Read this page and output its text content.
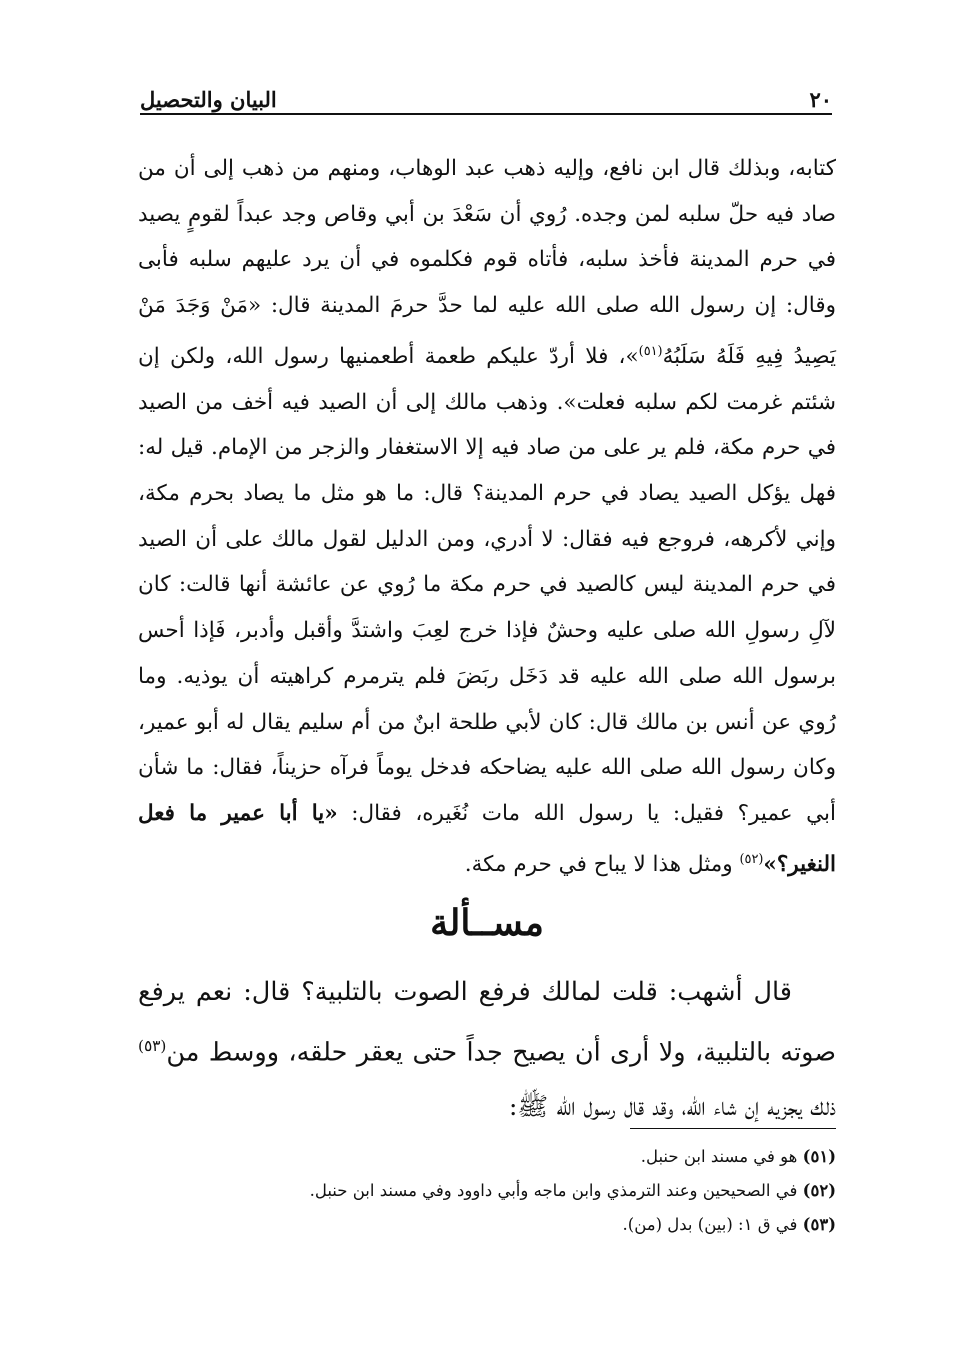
٢٠
البيان والتحصيل

كتابه، وبذلك قال ابن نافع، وإليه ذهب عبد الوهاب، ومنهم من ذهب إلى أن من صاد فيه حلّ سلبه لمن وجده. رُوي أن سَعْدَ بن أبي وقاص وجد عبداً لقومٍ يصيد في حرم المدينة فأخذ سلبه، فأتاه قوم فكلموه في أن يرد عليهم سلبه فأبى وقال: إن رسول الله صلى الله عليه لما حدَّ حرمَ المدينة قال: «مَنْ وَجَدَ مَنْ يَصِيدُ فِيهِ فَلَهُ سَلَبُهُ$^{(٥١)}$»، فلا أردّ عليكم طعمة أطعمنيها رسول الله، ولكن إن شئتم غرمت لكم سلبه فعلت». وذهب مالك إلى أن الصيد فيه أخف من الصيد في حرم مكة، فلم ير على من صاد فيه إلا الاستغفار والزجر من الإمام. قيل له: فهل يؤكل الصيد يصاد في حرم المدينة؟ قال: ما هو مثل ما يصاد بحرم مكة، وإني لأكرهه، فروجع فيه فقال: لا أدري، ومن الدليل لقول مالك على أن الصيد في حرم المدينة ليس كالصيد في حرم مكة ما رُوي عن عائشة أنها قالت: كان لآلِ رسولِ الله صلى عليه وحشٌ فإذا خرج لعِبَ واشتدَّ وأقبل وأدبر، فَإذا أحس برسول الله صلى الله عليه قد دَخَل ربَضَ فلم يترمرم كراهيته أن يوذيه. وما رُوي عن أنس بن مالك قال: كان لأبي طلحة ابنٌ من أم سليم يقال له أبو عمير، وكان رسول الله صلى الله عليه يضاحكه فدخل يوماً فرآه حزيناً، فقال: ما شأن أبي عمير؟ فقيل: يا رسول الله مات نُغَيره، فقال: «يا أبا عمير ما فعل النغير؟»$^{(٥٢)}$ ومثل هذا لا يباح في حرم مكة.

مســألة

قال أشهب: قلت لمالك فرفع الصوت بالتلبية؟ قال: نعم يرفع صوته بالتلبية، ولا أرى أن يصيح جداً حتى يعقر حلقه، ووسط من$^{(٥٣)}$ ذلك يجزيه إن شاء الله، وقد قال رسول الله ﷺ:

(٥١) هو في مسند ابن حنبل.
(٥٢) في الصحيحين وعند الترمذي وابن ماجه وأبي داوود وفي مسند ابن حنبل.
(٥٣) في ق ١: (بين) بدل (من).
